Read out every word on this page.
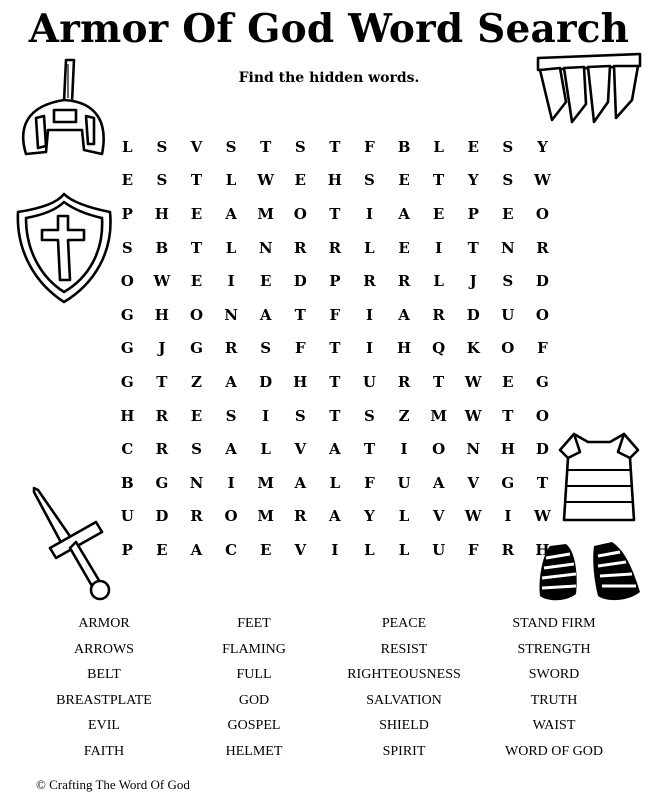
Armor Of God Word Search
Find the hidden words.
L	S	V	S	T	S	T	F	B	L	E	S	Y
E	S	T	L	W	E	H	S	E	T	Y	S	W
P	H	E	A	M	O	T	I	A	E	P	E	O
S	B	T	L	N	R	R	L	E	I	T	N	R
O	W	E	I	E	D	P	R	R	L	J	S	D
G	H	O	N	A	T	F	I	A	R	D	U	O
G	J	G	R	S	F	T	I	H	Q	K	O	F
G	T	Z	A	D	H	T	U	R	T	W	E	G
H	R	E	S	I	S	T	S	Z	M	W	T	O
C	R	S	A	L	V	A	T	I	O	N	H	D
B	G	N	I	M	A	L	F	U	A	V	G	T
U	D	R	O	M	R	A	Y	L	V	W	I	W
P	E	A	C	E	V	I	L	L	U	F	R	H
ARMOR
ARROWS
BELT
BREASTPLATE
EVIL
FAITH
FEET
FLAMING
FULL
GOD
GOSPEL
HELMET
PEACE
RESIST
RIGHTEOUSNESS
SALVATION
SHIELD
SPIRIT
STAND FIRM
STRENGTH
SWORD
TRUTH
WAIST
WORD OF GOD
© Crafting The Word Of God
